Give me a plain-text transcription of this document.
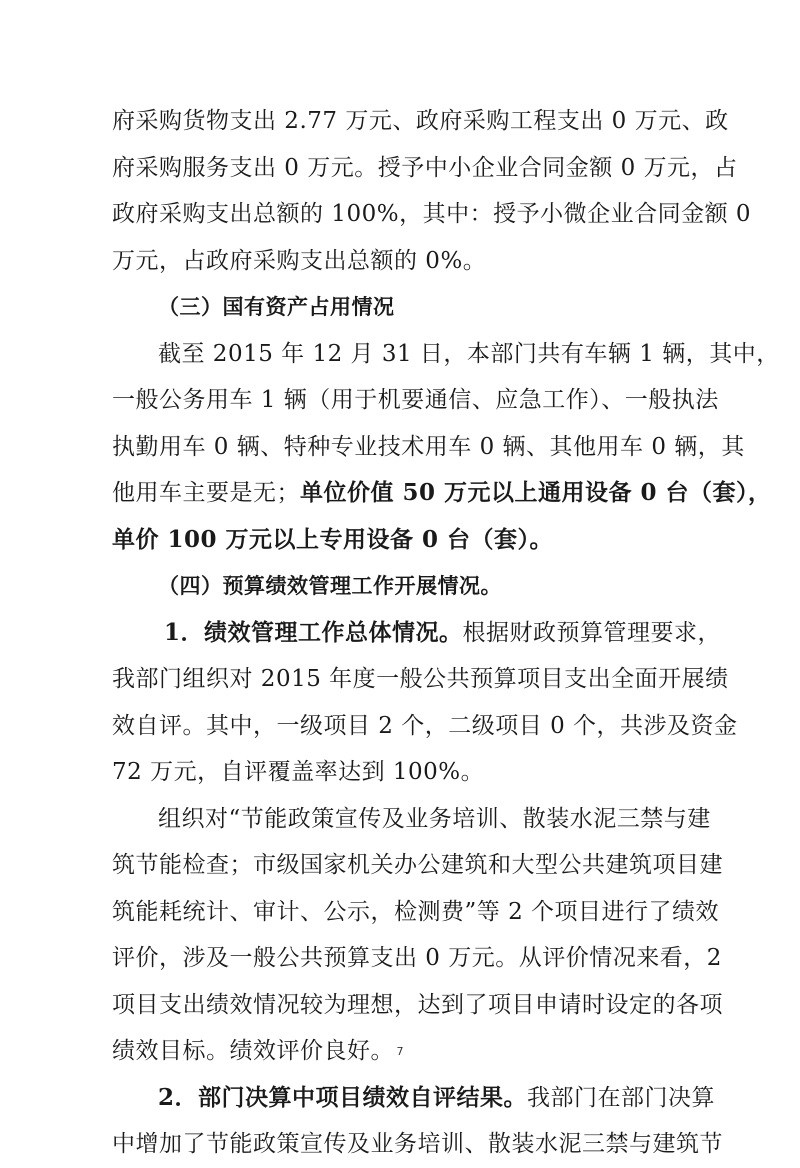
府采购货物支出 2.77 万元、政府采购工程支出 0 万元、政
府采购服务支出 0 万元。授予中小企业合同金额 0 万元，占
政府采购支出总额的 100%，其中：授予小微企业合同金额 0
万元，占政府采购支出总额的 0%。
（三）国有资产占用情况
截至 2015 年 12 月 31 日，本部门共有车辆 1 辆，其中，
一般公务用车 1 辆（用于机要通信、应急工作）、一般执法
执勤用车 0 辆、特种专业技术用车 0 辆、其他用车 0 辆，其
他用车主要是无；单位价值 50 万元以上通用设备 0 台（套），
单价 100 万元以上专用设备 0 台（套）。
（四）预算绩效管理工作开展情况。
1．绩效管理工作总体情况。根据财政预算管理要求，
我部门组织对 2015 年度一般公共预算项目支出全面开展绩
效自评。其中，一级项目 2 个，二级项目 0 个，共涉及资金
72 万元，自评覆盖率达到 100%。
组织对“节能政策宣传及业务培训、散装水泥三禁与建
筑节能检查；市级国家机关办公建筑和大型公共建筑项目建
筑能耗统计、审计、公示，检测费”等 2 个项目进行了绩效
评价，涉及一般公共预算支出 0 万元。从评价情况来看，2
项目支出绩效情况较为理想，达到了项目申请时设定的各项
绩效目标。绩效评价良好。
2．部门决算中项目绩效自评结果。我部门在部门决算
中增加了节能政策宣传及业务培训、散装水泥三禁与建筑节
7
